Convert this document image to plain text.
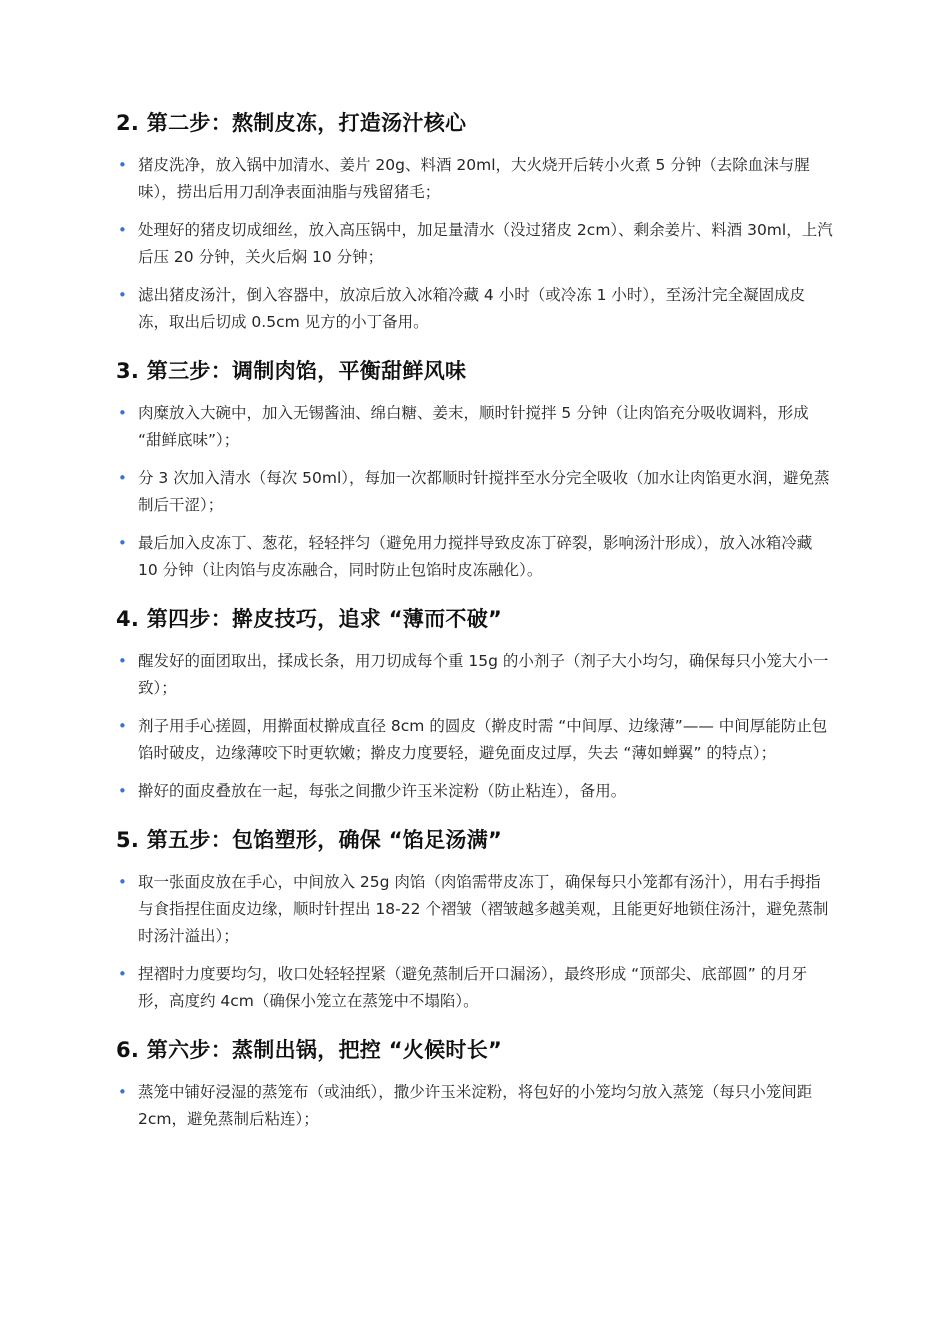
2. 第二步：熬制皮冻，打造汤汁核心
• 猪皮洗净，放入锅中加清水、姜片 20g、料酒 20ml，大火烧开后转小火煮 5 分钟（去除血沫与腥味），捞出后用刀刮净表面油脂与残留猪毛；
• 处理好的猪皮切成细丝，放入高压锅中，加足量清水（没过猪皮 2cm）、剩余姜片、料酒 30ml，上汽后压 20 分钟，关火后焖 10 分钟；
• 滤出猪皮汤汁，倒入容器中，放凉后放入冰箱冷藏 4 小时（或冷冻 1 小时），至汤汁完全凝固成皮冻，取出后切成 0.5cm 见方的小丁备用。
3. 第三步：调制肉馅，平衡甜鲜风味
• 肉糜放入大碗中，加入无锡酱油、绵白糖、姜末，顺时针搅拌 5 分钟（让肉馅充分吸收调料，形成 “甜鲜底味”）；
• 分 3 次加入清水（每次 50ml），每加一次都顺时针搅拌至水分完全吸收（加水让肉馅更水润，避免蒸制后干涩）；
• 最后加入皮冻丁、葱花，轻轻拌匀（避免用力搅拌导致皮冻丁碎裂，影响汤汁形成），放入冰箱冷藏 10 分钟（让肉馅与皮冻融合，同时防止包馅时皮冻融化）。
4. 第四步：擀皮技巧，追求 “薄而不破”
• 醒发好的面团取出，揉成长条，用刀切成每个重 15g 的小剂子（剂子大小均匀，确保每只小笼大小一致）；
• 剂子用手心搓圆，用擀面杖擀成直径 8cm 的圆皮（擀皮时需 “中间厚、边缘薄”—— 中间厚能防止包馅时破皮，边缘薄咬下时更软嫩；擀皮力度要轻，避免面皮过厚，失去 “薄如蝉翼” 的特点）；
• 擀好的面皮叠放在一起，每张之间撒少许玉米淀粉（防止粘连），备用。
5. 第五步：包馅塑形，确保 “馅足汤满”
• 取一张面皮放在手心，中间放入 25g 肉馅（肉馅需带皮冻丁，确保每只小笼都有汤汁），用右手拇指与食指捏住面皮边缘，顺时针捏出 18-22 个褶皱（褶皱越多越美观，且能更好地锁住汤汁，避免蒸制时汤汁溢出）；
• 捏褶时力度要均匀，收口处轻轻捏紧（避免蒸制后开口漏汤），最终形成 “顶部尖、底部圆” 的月牙形，高度约 4cm（确保小笼立在蒸笼中不塌陷）。
6. 第六步：蒸制出锅，把控 “火候时长”
• 蒸笼中铺好浸湿的蒸笼布（或油纸），撒少许玉米淀粉，将包好的小笼均匀放入蒸笼（每只小笼间距 2cm，避免蒸制后粘连）；
